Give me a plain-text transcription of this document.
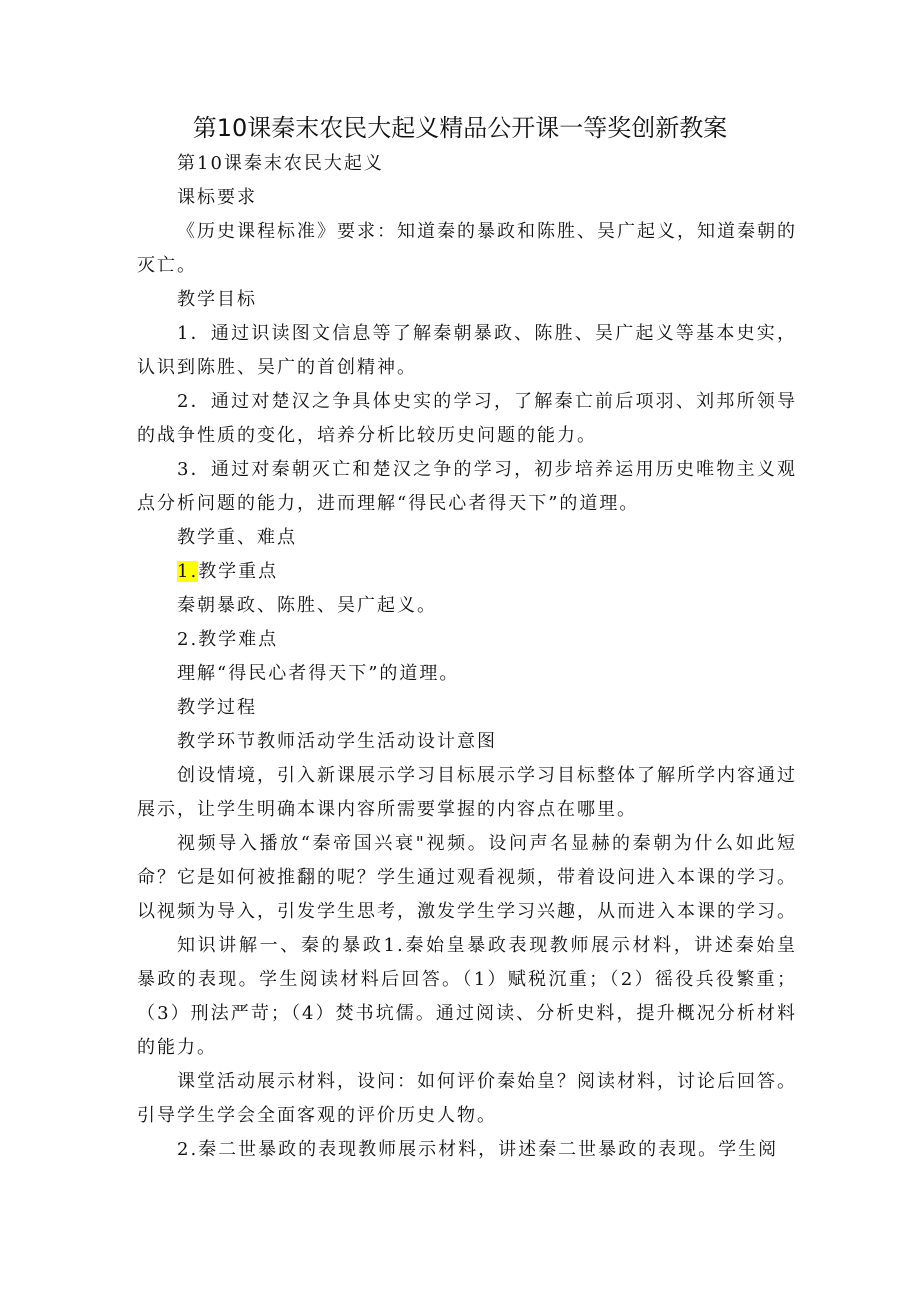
第10课秦末农民大起义精品公开课一等奖创新教案

第10课秦末农民大起义

课标要求

《历史课程标准》要求：知道秦的暴政和陈胜、吴广起义，知道秦朝的灭亡。

教学目标

1．通过识读图文信息等了解秦朝暴政、陈胜、吴广起义等基本史实，认识到陈胜、吴广的首创精神。

2．通过对楚汉之争具体史实的学习，了解秦亡前后项羽、刘邦所领导的战争性质的变化，培养分析比较历史问题的能力。

3．通过对秦朝灭亡和楚汉之争的学习，初步培养运用历史唯物主义观点分析问题的能力，进而理解“得民心者得天下”的道理。

教学重、难点

1.教学重点

秦朝暴政、陈胜、吴广起义。

2.教学难点

理解“得民心者得天下”的道理。

教学过程

教学环节教师活动学生活动设计意图

创设情境，引入新课展示学习目标展示学习目标整体了解所学内容通过展示，让学生明确本课内容所需要掌握的内容点在哪里。

视频导入播放“秦帝国兴衰"视频。设问声名显赫的秦朝为什么如此短命？它是如何被推翻的呢？学生通过观看视频，带着设问进入本课的学习。以视频为导入，引发学生思考，激发学生学习兴趣，从而进入本课的学习。

知识讲解一、秦的暴政1.秦始皇暴政表现教师展示材料，讲述秦始皇暴政的表现。学生阅读材料后回答。（1）赋税沉重；（2）徭役兵役繁重；（3）刑法严苛；（4）焚书坑儒。通过阅读、分析史料，提升概况分析材料的能力。

课堂活动展示材料，设问：如何评价秦始皇？阅读材料，讨论后回答。引导学生学会全面客观的评价历史人物。

2.秦二世暴政的表现教师展示材料，讲述秦二世暴政的表现。学生阅
